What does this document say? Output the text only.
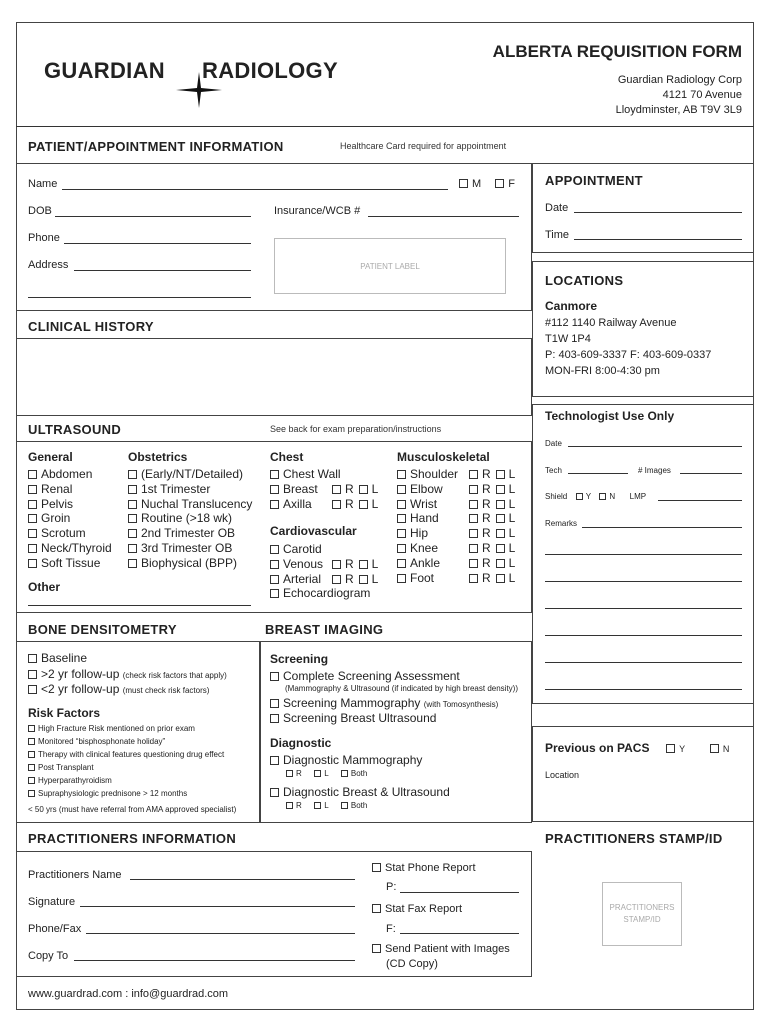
GUARDIAN RADIOLOGY
ALBERTA REQUISITION FORM
Guardian Radiology Corp
4121 70 Avenue
Lloydminster, AB T9V 3L9
PATIENT/APPOINTMENT INFORMATION	Healthcare Card required for appointment
Name	M F
DOB	Insurance/WCB #
Phone
Address	PATIENT LABEL
APPOINTMENT
Date
Time
LOCATIONS
Canmore
#112 1140 Railway Avenue
T1W 1P4
P: 403-609-3337 F: 403-609-0337
MON-FRI 8:00-4:30 pm
CLINICAL HISTORY
Technologist Use Only
Date
Tech	# Images
Shield Y N LMP
Remarks
Previous on PACS	Y	N
Location
ULTRASOUND	See back for exam preparation/instructions
General
Abdomen
Renal
Pelvis
Groin
Scrotum
Neck/Thyroid
Soft Tissue
Other
Obstetrics
(Early/NT/Detailed)
1st Trimester
Nuchal Translucency
Routine (>18 wk)
2nd Trimester OB
3rd Trimester OB
Biophysical (BPP)
Chest
Chest Wall
Breast	R L
Axilla	R L
Cardiovascular
Carotid
Venous	R L
Arterial	R L
Echocardiogram
Musculoskeletal
Shoulder	R L
Elbow	R L
Wrist	R L
Hand	R L
Hip	R L
Knee	R L
Ankle	R L
Foot	R L
BONE DENSITOMETRY
Baseline
>2 yr follow-up (check risk factors that apply)
<2 yr follow-up (must check risk factors)
Risk Factors
High Fracture Risk mentioned on prior exam
Monitored “bisphosphonate holiday”
Therapy with clinical features questioning drug effect
Post Transplant
Hyperparathyroidism
Supraphysiologic prednisone > 12 months
< 50 yrs (must have referral from AMA approved specialist)
BREAST IMAGING
Screening
Complete Screening Assessment
(Mammography & Ultrasound (if indicated by high breast density))
Screening Mammography (with Tomosynthesis)
Screening Breast Ultrasound
Diagnostic
Diagnostic Mammography
R	L	Both
Diagnostic Breast & Ultrasound
R	L	Both
PRACTITIONERS INFORMATION
Practitioners Name
Signature
Phone/Fax
Copy To
Stat Phone Report
P:
Stat Fax Report
F:
Send Patient with Images
(CD Copy)
PRACTITIONERS STAMP/ID
PRACTITIONERS
STAMP/ID
www.guardrad.com : info@guardrad.com
